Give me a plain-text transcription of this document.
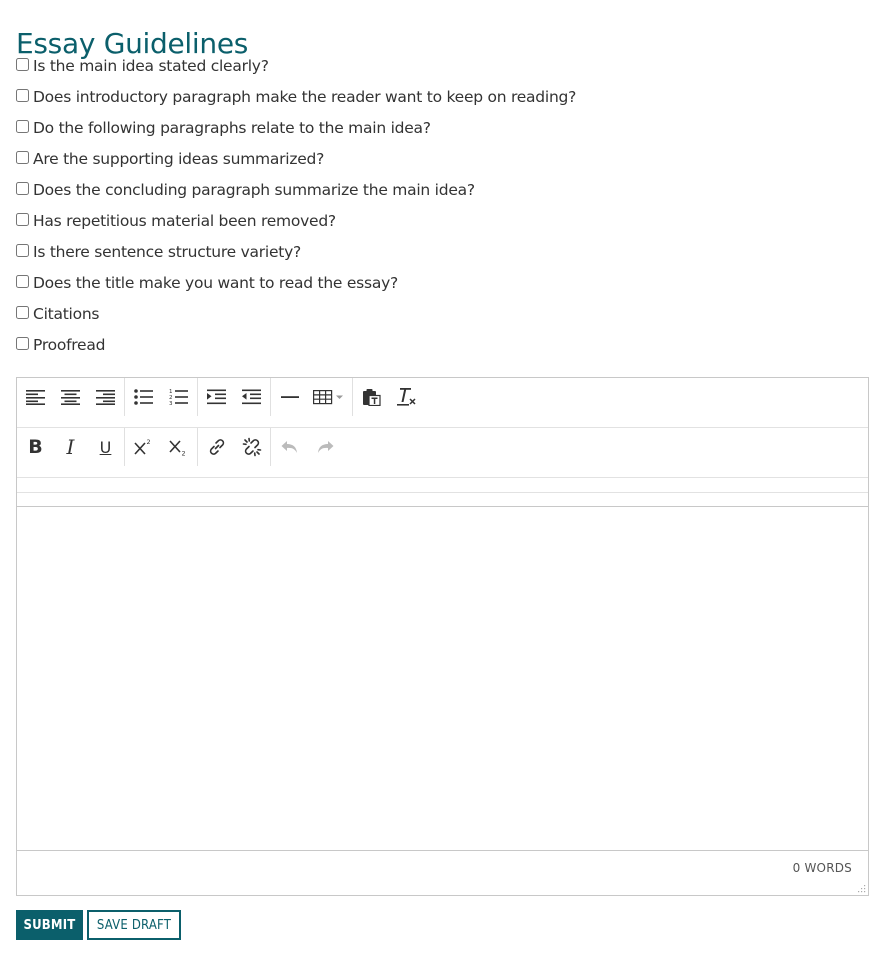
Essay Guidelines
Is the main idea stated clearly?
Does introductory paragraph make the reader want to keep on reading?
Do the following paragraphs relate to the main idea?
Are the supporting ideas summarized?
Does the concluding paragraph summarize the main idea?
Has repetitious material been removed?
Is there sentence structure variety?
Does the title make you want to read the essay?
Citations
Proofread
1
2
3
B I U	2
2
0 WORDS
SUBMIT	SAVE DRAFT
